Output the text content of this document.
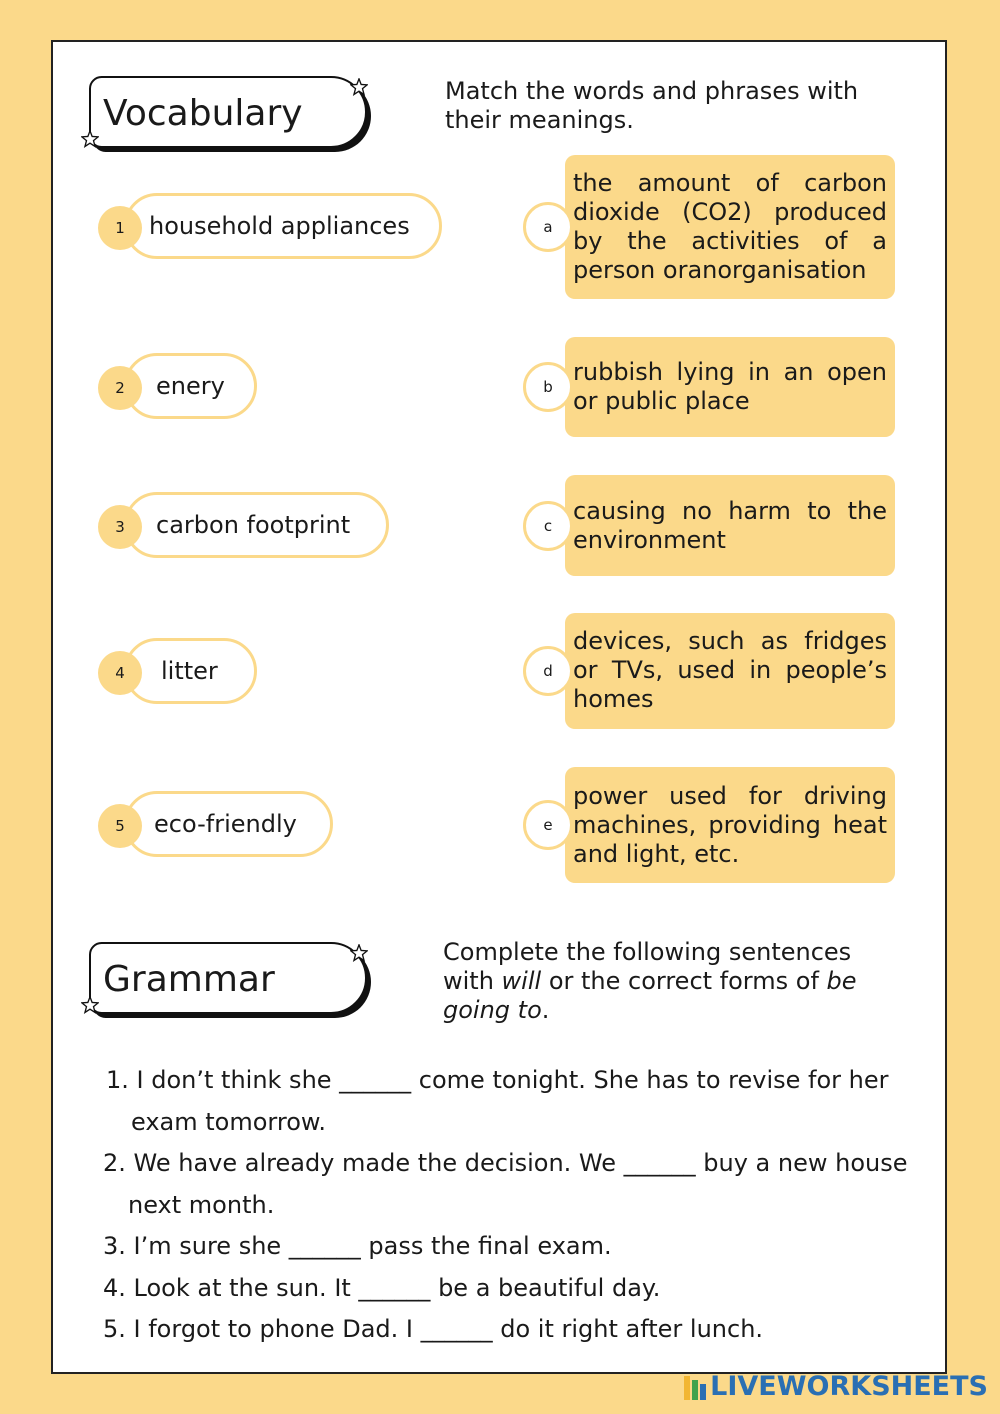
Vocabulary
Match the words and phrases with their meanings.
1	household appliances
2	enery
3	carbon footprint
4	litter
5	eco-friendly
a
the amount of carbon dioxide (CO2) produced by the activities of a person oranorganisation
b
rubbish lying in an open or public place
c
causing no harm to the environment
d
devices, such as fridges or TVs, used in people’s homes
e
power used for driving machines, providing heat and light, etc.
Grammar
Complete the following sentences with will or the correct forms of be going to.
1. I don’t think she ______ come tonight. She has to revise for her exam tomorrow.
2. We have already made the decision. We ______ buy a new house next month.
3. I’m sure she ______ pass the final exam.
4. Look at the sun. It ______ be a beautiful day.
5. I forgot to phone Dad. I ______ do it right after lunch.
LIVEWORKSHEETS
